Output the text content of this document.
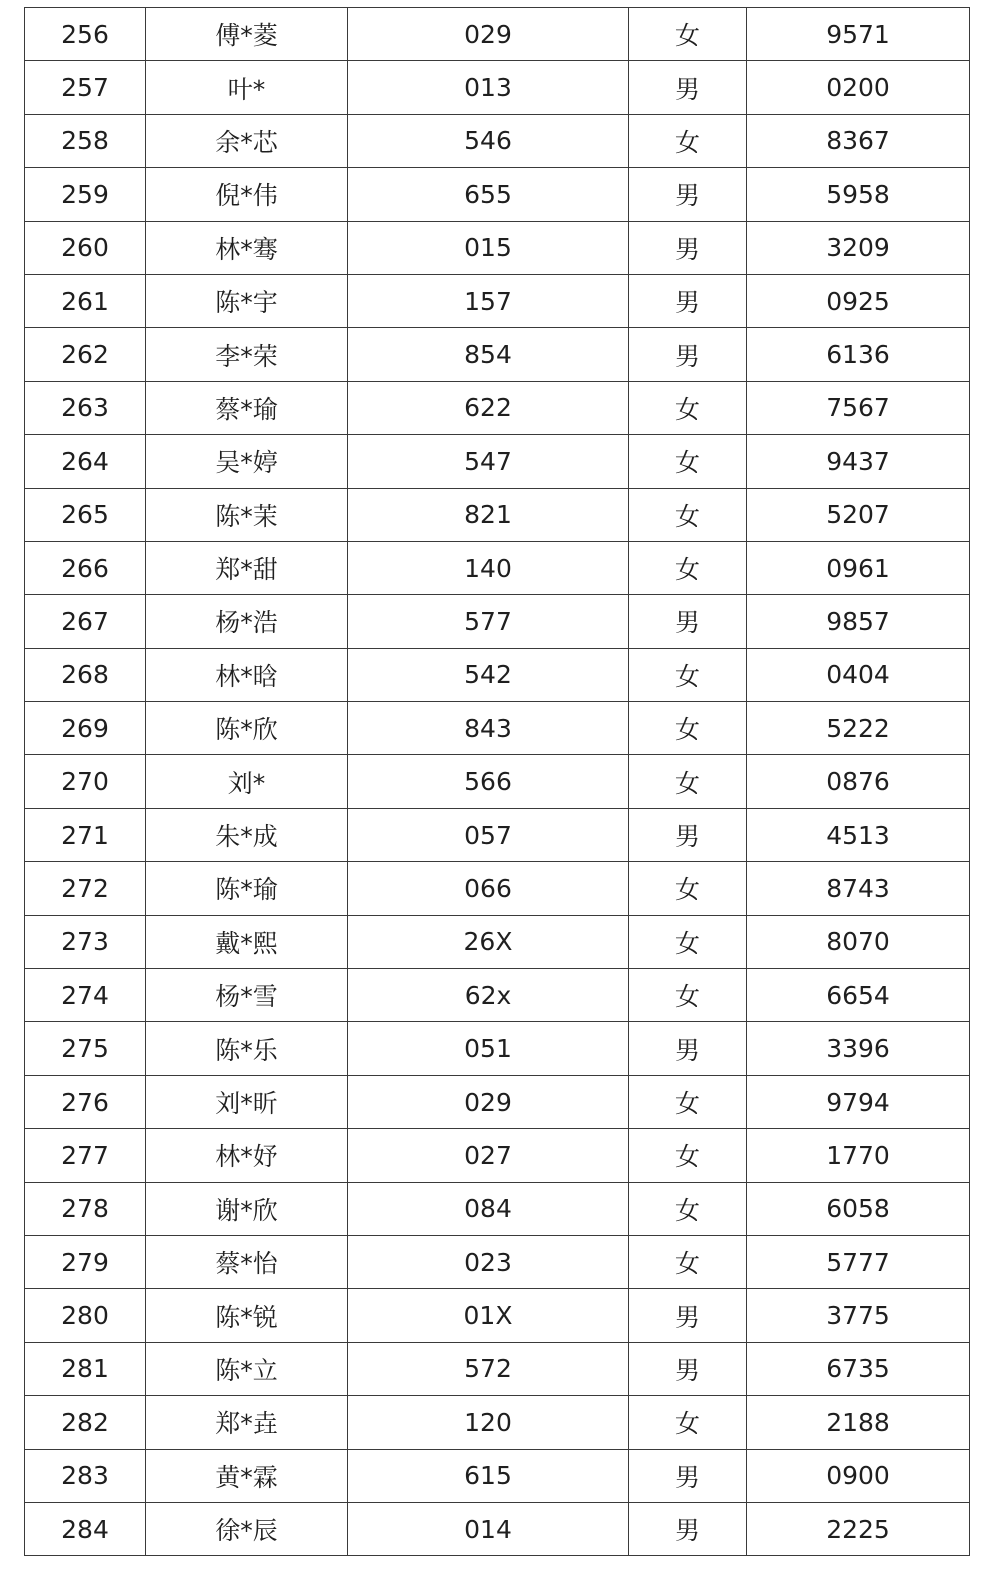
256	傅*菱	029	女	9571
257	叶*	013	男	0200
258	余*芯	546	女	8367
259	倪*伟	655	男	5958
260	林*骞	015	男	3209
261	陈*宇	157	男	0925
262	李*荣	854	男	6136
263	蔡*瑜	622	女	7567
264	吴*婷	547	女	9437
265	陈*茉	821	女	5207
266	郑*甜	140	女	0961
267	杨*浩	577	男	9857
268	林*晗	542	女	0404
269	陈*欣	843	女	5222
270	刘*	566	女	0876
271	朱*成	057	男	4513
272	陈*瑜	066	女	8743
273	戴*熙	26X	女	8070
274	杨*雪	62x	女	6654
275	陈*乐	051	男	3396
276	刘*昕	029	女	9794
277	林*妤	027	女	1770
278	谢*欣	084	女	6058
279	蔡*怡	023	女	5777
280	陈*锐	01X	男	3775
281	陈*立	572	男	6735
282	郑*垚	120	女	2188
283	黄*霖	615	男	0900
284	徐*辰	014	男	2225
